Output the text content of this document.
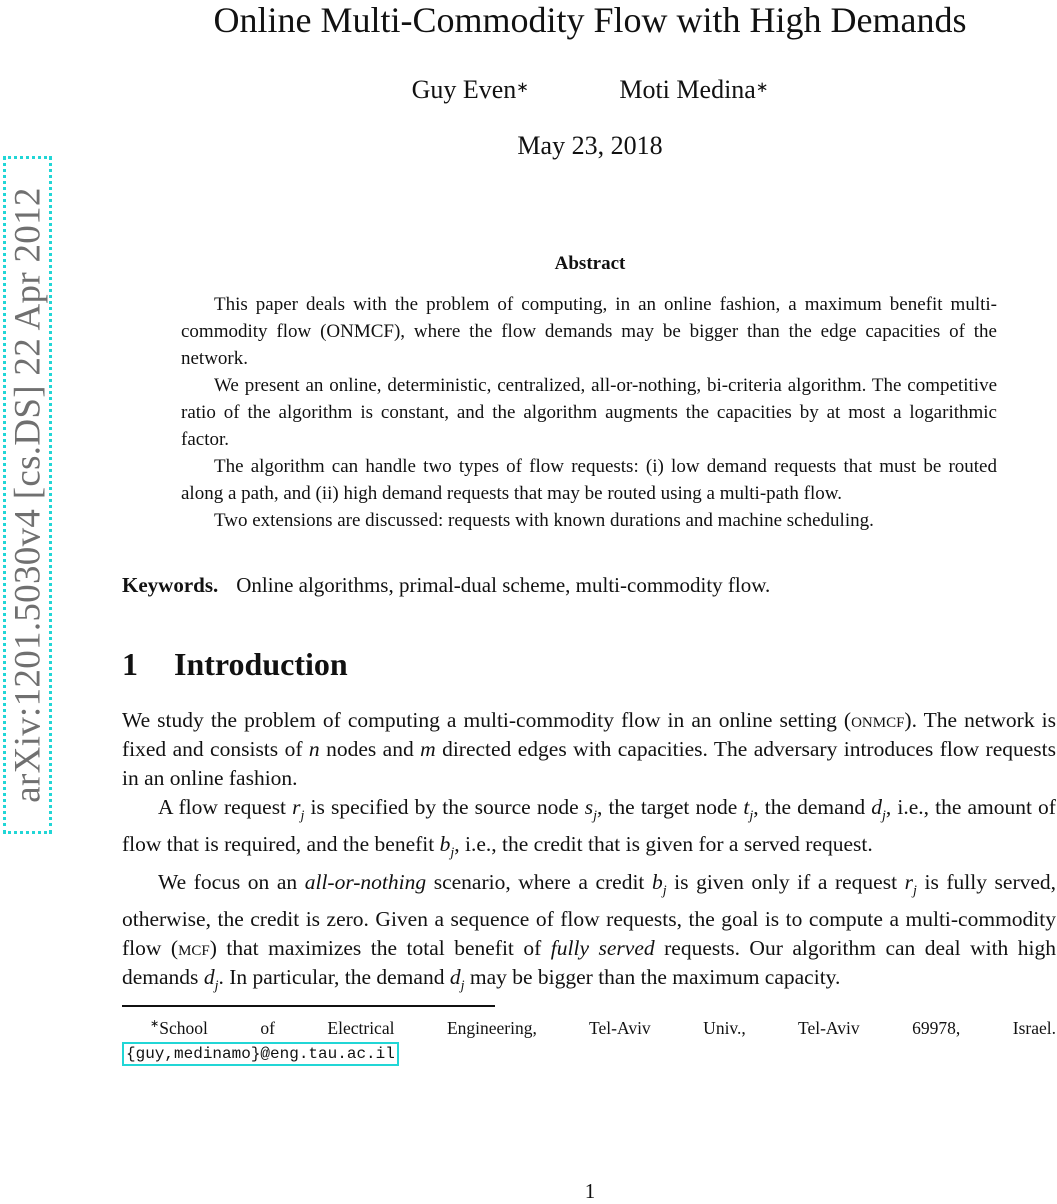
Online Multi-Commodity Flow with High Demands
Guy Even∗	Moti Medina∗
May 23, 2018
arXiv:1201.5030v4 [cs.DS] 22 Apr 2012	Abstract

This paper deals with the problem of computing, in an online fashion, a maximum benefit multi-commodity flow (ONMCF), where the flow demands may be bigger than the edge capacities of the network.

We present an online, deterministic, centralized, all-or-nothing, bi-criteria algorithm. The competitive ratio of the algorithm is constant, and the algorithm augments the capacities by at most a logarithmic factor.

The algorithm can handle two types of flow requests: (i) low demand requests that must be routed along a path, and (ii) high demand requests that may be routed using a multi-path flow.

Two extensions are discussed: requests with known durations and machine scheduling.

Keywords. Online algorithms, primal-dual scheme, multi-commodity flow.
1 Introduction

We study the problem of computing a multi-commodity flow in an online setting (onmcf). The network is fixed and consists of n nodes and m directed edges with capacities. The adversary introduces flow requests in an online fashion.

A flow request $r_j$ is specified by the source node $s_j$, the target node $t_j$, the demand $d_j$, i.e., the amount of flow that is required, and the benefit $b_j$, i.e., the credit that is given for a served request.

We focus on an all-or-nothing scenario, where a credit $b_j$ is given only if a request $r_j$ is fully served, otherwise, the credit is zero. Given a sequence of flow requests, the goal is to compute a multi-commodity flow (mcf) that maximizes the total benefit of fully served requests. Our algorithm can deal with high demands $d_j$. In particular, the demand $d_j$ may be bigger than the maximum capacity.

∗School of Electrical Engineering, Tel-Aviv Univ., Tel-Aviv 69978, Israel.
{guy,medinamo}@eng.tau.ac.il
1
